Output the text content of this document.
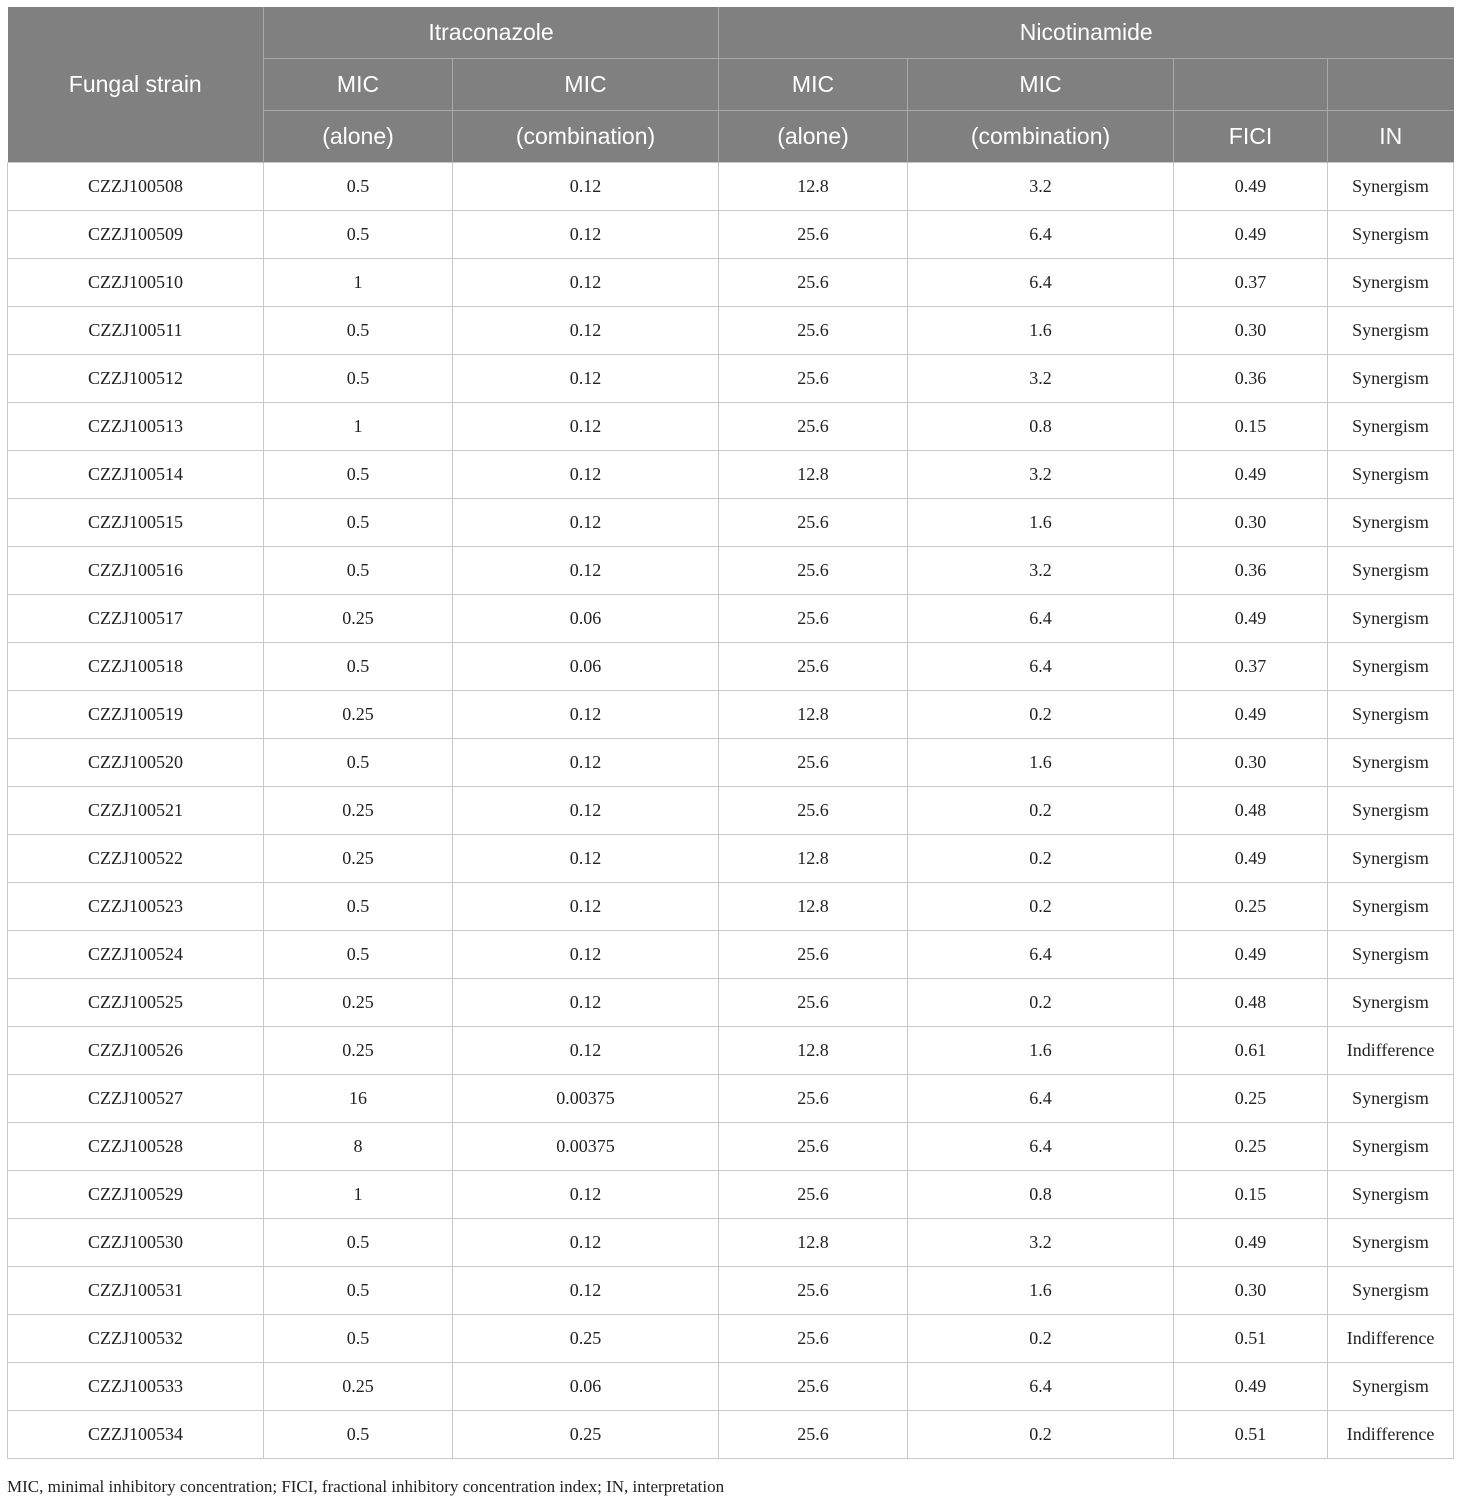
Fungal strain	Itraconazole		Nicotinamide			
	MIC	MIC	MIC	MIC		
	(alone)	(combination)	(alone)	(combination)	FICI	IN
CZZJ100508	0.5	0.12	12.8	3.2	0.49	Synergism
CZZJ100509	0.5	0.12	25.6	6.4	0.49	Synergism
CZZJ100510	1	0.12	25.6	6.4	0.37	Synergism
CZZJ100511	0.5	0.12	25.6	1.6	0.30	Synergism
CZZJ100512	0.5	0.12	25.6	3.2	0.36	Synergism
CZZJ100513	1	0.12	25.6	0.8	0.15	Synergism
CZZJ100514	0.5	0.12	12.8	3.2	0.49	Synergism
CZZJ100515	0.5	0.12	25.6	1.6	0.30	Synergism
CZZJ100516	0.5	0.12	25.6	3.2	0.36	Synergism
CZZJ100517	0.25	0.06	25.6	6.4	0.49	Synergism
CZZJ100518	0.5	0.06	25.6	6.4	0.37	Synergism
CZZJ100519	0.25	0.12	12.8	0.2	0.49	Synergism
CZZJ100520	0.5	0.12	25.6	1.6	0.30	Synergism
CZZJ100521	0.25	0.12	25.6	0.2	0.48	Synergism
CZZJ100522	0.25	0.12	12.8	0.2	0.49	Synergism
CZZJ100523	0.5	0.12	12.8	0.2	0.25	Synergism
CZZJ100524	0.5	0.12	25.6	6.4	0.49	Synergism
CZZJ100525	0.25	0.12	25.6	0.2	0.48	Synergism
CZZJ100526	0.25	0.12	12.8	1.6	0.61	Indifference
CZZJ100527	16	0.00375	25.6	6.4	0.25	Synergism
CZZJ100528	8	0.00375	25.6	6.4	0.25	Synergism
CZZJ100529	1	0.12	25.6	0.8	0.15	Synergism
CZZJ100530	0.5	0.12	12.8	3.2	0.49	Synergism
CZZJ100531	0.5	0.12	25.6	1.6	0.30	Synergism
CZZJ100532	0.5	0.25	25.6	0.2	0.51	Indifference
CZZJ100533	0.25	0.06	25.6	6.4	0.49	Synergism
CZZJ100534	0.5	0.25	25.6	0.2	0.51	Indifference
MIC, minimal inhibitory concentration; FICI, fractional inhibitory concentration index; IN, interpretation
